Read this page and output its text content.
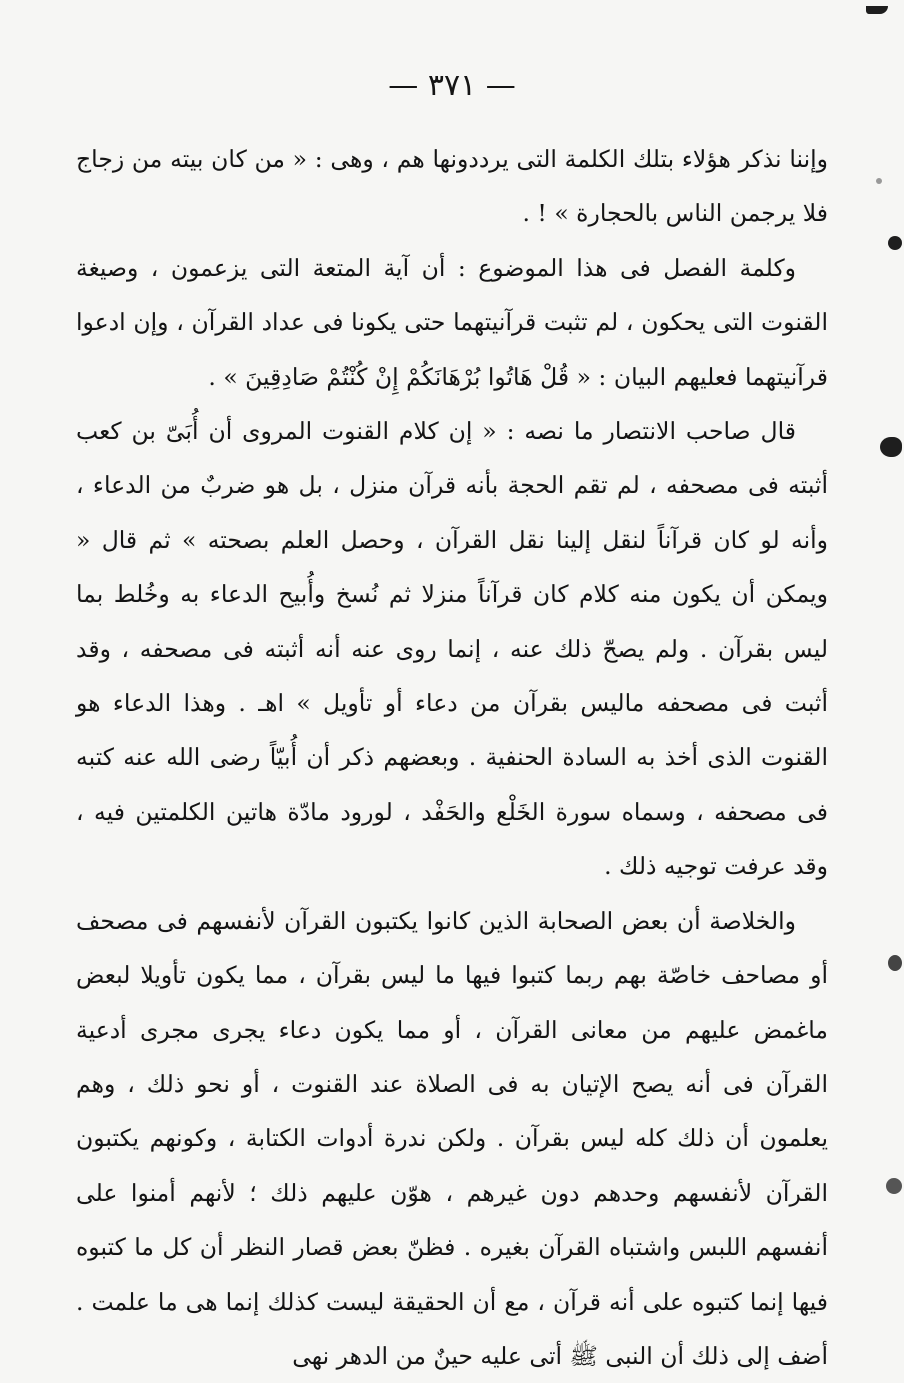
— ٣٧١ —

وإننا نذكر هؤلاء بتلك الكلمة التى يرددونها هم ، وهى : « من كان بيته من زجاج فلا يرجمن الناس بالحجارة » ! .

وكلمة الفصل فى هذا الموضوع : أن آية المتعة التى يزعمون ، وصيغة القنوت التى يحكون ، لم تثبت قرآنيتهما حتى يكونا فى عداد القرآن ، وإن ادعوا قرآنيتهما فعليهم البيان : « قُلْ هَاتُوا بُرْهَانَكُمْ إِنْ كُنْتُمْ صَادِقِينَ » .

قال صاحب الانتصار ما نصه : « إن كلام القنوت المروى أن أُبَىّ بن كعب أثبته فى مصحفه ، لم تقم الحجة بأنه قرآن منزل ، بل هو ضربٌ من الدعاء ، وأنه لو كان قرآناً لنقل إلينا نقل القرآن ، وحصل العلم بصحته » ثم قال « ويمكن أن يكون منه كلام كان قرآناً منزلا ثم نُسخ وأُبيح الدعاء به وخُلط بما ليس بقرآن . ولم يصحّ ذلك عنه ، إنما روى عنه أنه أثبته فى مصحفه ، وقد أثبت فى مصحفه ماليس بقرآن من دعاء أو تأويل » اهـ . وهذا الدعاء هو القنوت الذى أخذ به السادة الحنفية . وبعضهم ذكر أن أُبيّاً رضى الله عنه كتبه فى مصحفه ، وسماه سورة الخَلْع والحَفْد ، لورود مادّة هاتين الكلمتين فيه ، وقد عرفت توجيه ذلك .

والخلاصة أن بعض الصحابة الذين كانوا يكتبون القرآن لأنفسهم فى مصحف أو مصاحف خاصّة بهم ربما كتبوا فيها ما ليس بقرآن ، مما يكون تأويلا لبعض ماغمض عليهم من معانى القرآن ، أو مما يكون دعاء يجرى مجرى أدعية القرآن فى أنه يصح الإتيان به فى الصلاة عند القنوت ، أو نحو ذلك ، وهم يعلمون أن ذلك كله ليس بقرآن . ولكن ندرة أدوات الكتابة ، وكونهم يكتبون القرآن لأنفسهم وحدهم دون غيرهم ، هوّن عليهم ذلك ؛ لأنهم أمنوا على أنفسهم اللبس واشتباه القرآن بغيره . فظنّ بعض قصار النظر أن كل ما كتبوه فيها إنما كتبوه على أنه قرآن ، مع أن الحقيقة ليست كذلك إنما هى ما علمت . أضف إلى ذلك أن النبى ﷺ أتى عليه حينٌ من الدهر نهى
